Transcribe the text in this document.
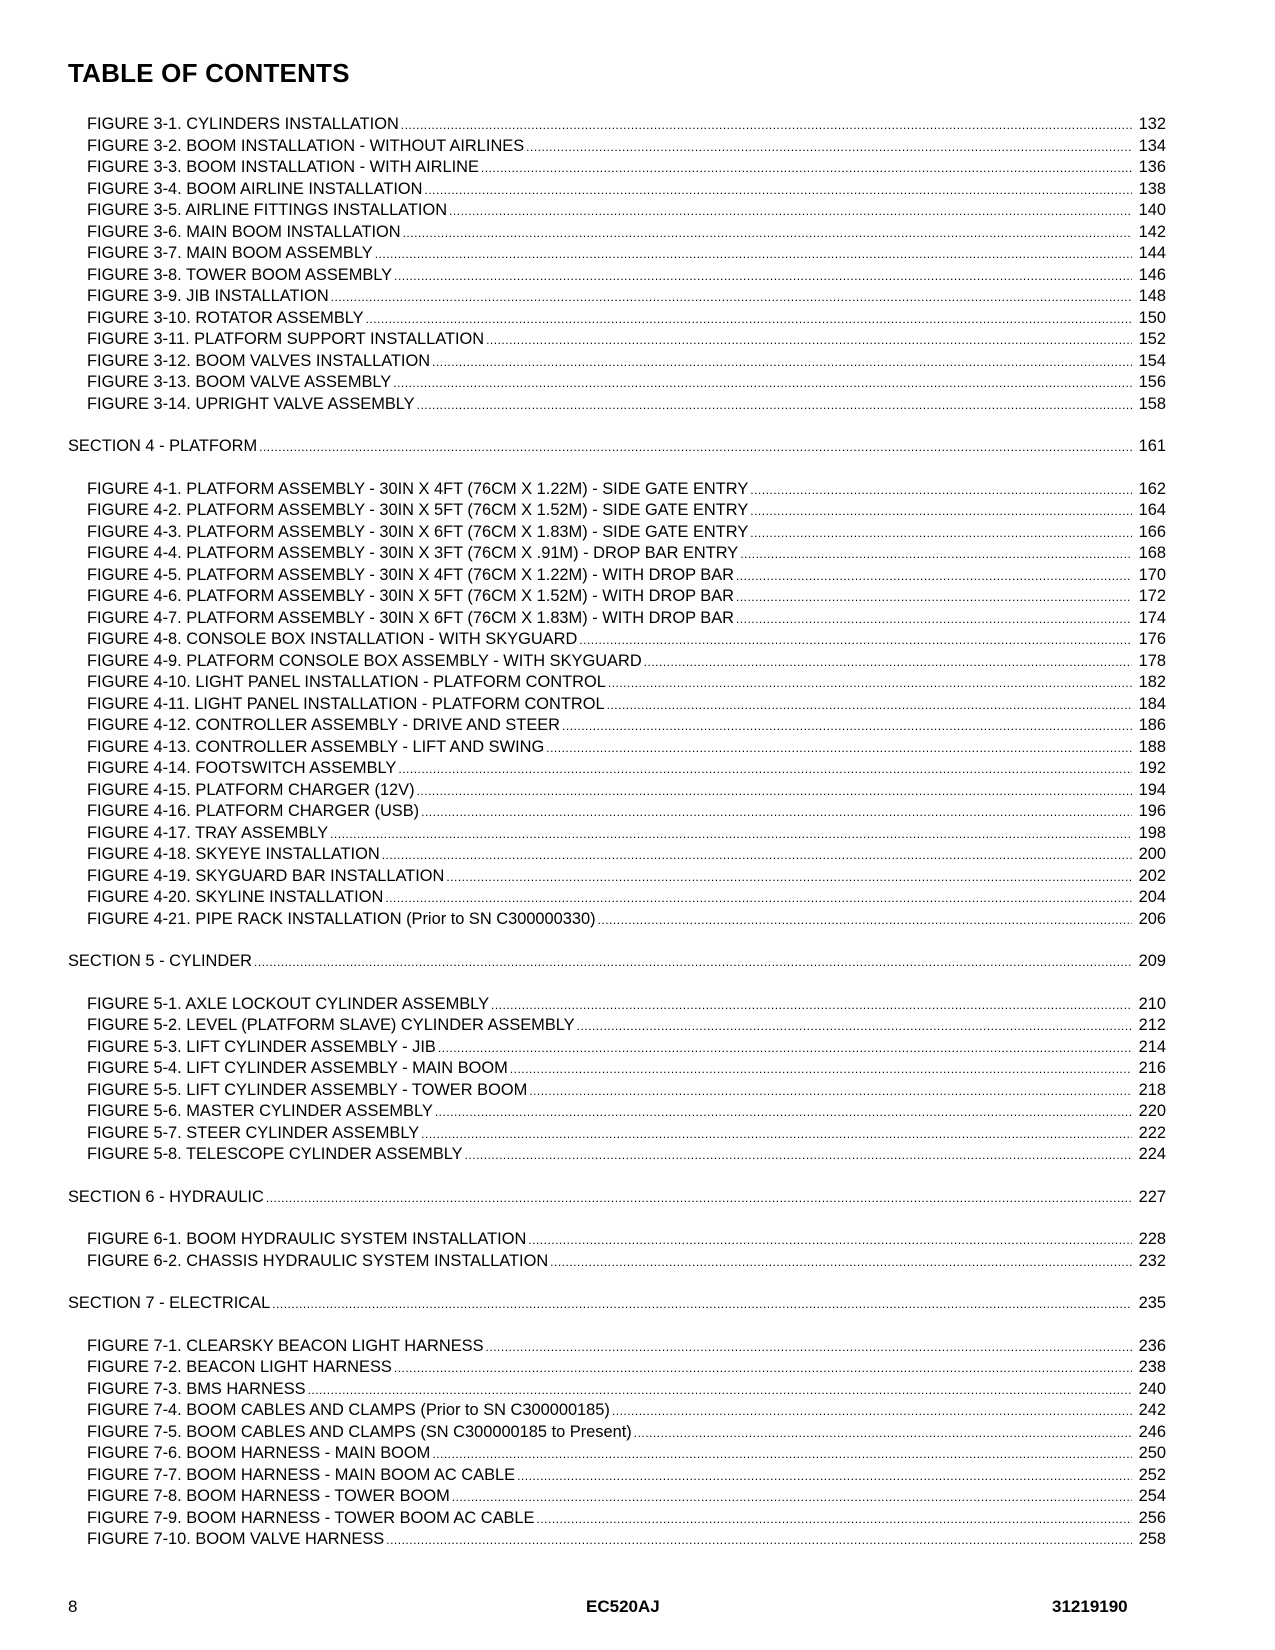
TABLE OF CONTENTS
FIGURE 3-1. CYLINDERS INSTALLATION .....	132
FIGURE 3-2. BOOM INSTALLATION - WITHOUT AIRLINES .....	134
FIGURE 3-3. BOOM INSTALLATION - WITH AIRLINE .....	136
FIGURE 3-4. BOOM AIRLINE INSTALLATION .....	138
FIGURE 3-5. AIRLINE FITTINGS INSTALLATION .....	140
FIGURE 3-6. MAIN BOOM INSTALLATION .....	142
FIGURE 3-7. MAIN BOOM ASSEMBLY .....	144
FIGURE 3-8. TOWER BOOM ASSEMBLY .....	146
FIGURE 3-9. JIB INSTALLATION .....	148
FIGURE 3-10. ROTATOR ASSEMBLY .....	150
FIGURE 3-11. PLATFORM SUPPORT INSTALLATION .....	152
FIGURE 3-12. BOOM VALVES INSTALLATION .....	154
FIGURE 3-13. BOOM VALVE ASSEMBLY .....	156
FIGURE 3-14. UPRIGHT VALVE ASSEMBLY .....	158
SECTION 4 - PLATFORM .....	161
FIGURE 4-1. PLATFORM ASSEMBLY - 30IN X 4FT (76CM X 1.22M) - SIDE GATE ENTRY .....	162
FIGURE 4-2. PLATFORM ASSEMBLY - 30IN X 5FT (76CM X 1.52M) - SIDE GATE ENTRY .....	164
FIGURE 4-3. PLATFORM ASSEMBLY - 30IN X 6FT (76CM X 1.83M) - SIDE GATE ENTRY .....	166
FIGURE 4-4. PLATFORM ASSEMBLY - 30IN X 3FT (76CM X .91M) - DROP BAR ENTRY .....	168
FIGURE 4-5. PLATFORM ASSEMBLY - 30IN X 4FT (76CM X 1.22M) - WITH DROP BAR .....	170
FIGURE 4-6. PLATFORM ASSEMBLY - 30IN X 5FT (76CM X 1.52M) - WITH DROP BAR .....	172
FIGURE 4-7. PLATFORM ASSEMBLY - 30IN X 6FT (76CM X 1.83M) - WITH DROP BAR .....	174
FIGURE 4-8. CONSOLE BOX INSTALLATION - WITH SKYGUARD .....	176
FIGURE 4-9. PLATFORM CONSOLE BOX ASSEMBLY - WITH SKYGUARD .....	178
FIGURE 4-10. LIGHT PANEL INSTALLATION - PLATFORM CONTROL .....	182
FIGURE 4-11. LIGHT PANEL INSTALLATION - PLATFORM CONTROL .....	184
FIGURE 4-12. CONTROLLER ASSEMBLY - DRIVE AND STEER .....	186
FIGURE 4-13. CONTROLLER ASSEMBLY - LIFT AND SWING .....	188
FIGURE 4-14. FOOTSWITCH ASSEMBLY .....	192
FIGURE 4-15. PLATFORM CHARGER (12V) .....	194
FIGURE 4-16. PLATFORM CHARGER (USB) .....	196
FIGURE 4-17. TRAY ASSEMBLY .....	198
FIGURE 4-18. SKYEYE INSTALLATION .....	200
FIGURE 4-19. SKYGUARD BAR INSTALLATION .....	202
FIGURE 4-20. SKYLINE INSTALLATION .....	204
FIGURE 4-21. PIPE RACK INSTALLATION (Prior to SN C300000330) .....	206
SECTION 5 - CYLINDER .....	209
FIGURE 5-1. AXLE LOCKOUT CYLINDER ASSEMBLY .....	210
FIGURE 5-2. LEVEL (PLATFORM SLAVE) CYLINDER ASSEMBLY .....	212
FIGURE 5-3. LIFT CYLINDER ASSEMBLY - JIB .....	214
FIGURE 5-4. LIFT CYLINDER ASSEMBLY - MAIN BOOM .....	216
FIGURE 5-5. LIFT CYLINDER ASSEMBLY - TOWER BOOM .....	218
FIGURE 5-6. MASTER CYLINDER ASSEMBLY .....	220
FIGURE 5-7. STEER CYLINDER ASSEMBLY .....	222
FIGURE 5-8. TELESCOPE CYLINDER ASSEMBLY .....	224
SECTION 6 - HYDRAULIC .....	227
FIGURE 6-1. BOOM HYDRAULIC SYSTEM INSTALLATION .....	228
FIGURE 6-2. CHASSIS HYDRAULIC SYSTEM INSTALLATION .....	232
SECTION 7 - ELECTRICAL .....	235
FIGURE 7-1. CLEARSKY BEACON LIGHT HARNESS .....	236
FIGURE 7-2. BEACON LIGHT HARNESS .....	238
FIGURE 7-3. BMS HARNESS .....	240
FIGURE 7-4. BOOM CABLES AND CLAMPS (Prior to SN C300000185) .....	242
FIGURE 7-5. BOOM CABLES AND CLAMPS (SN C300000185 to Present) .....	246
FIGURE 7-6. BOOM HARNESS - MAIN BOOM .....	250
FIGURE 7-7. BOOM HARNESS - MAIN BOOM AC CABLE .....	252
FIGURE 7-8. BOOM HARNESS - TOWER BOOM .....	254
FIGURE 7-9. BOOM HARNESS - TOWER BOOM AC CABLE .....	256
FIGURE 7-10. BOOM VALVE HARNESS .....	258
8	EC520AJ	31219190
